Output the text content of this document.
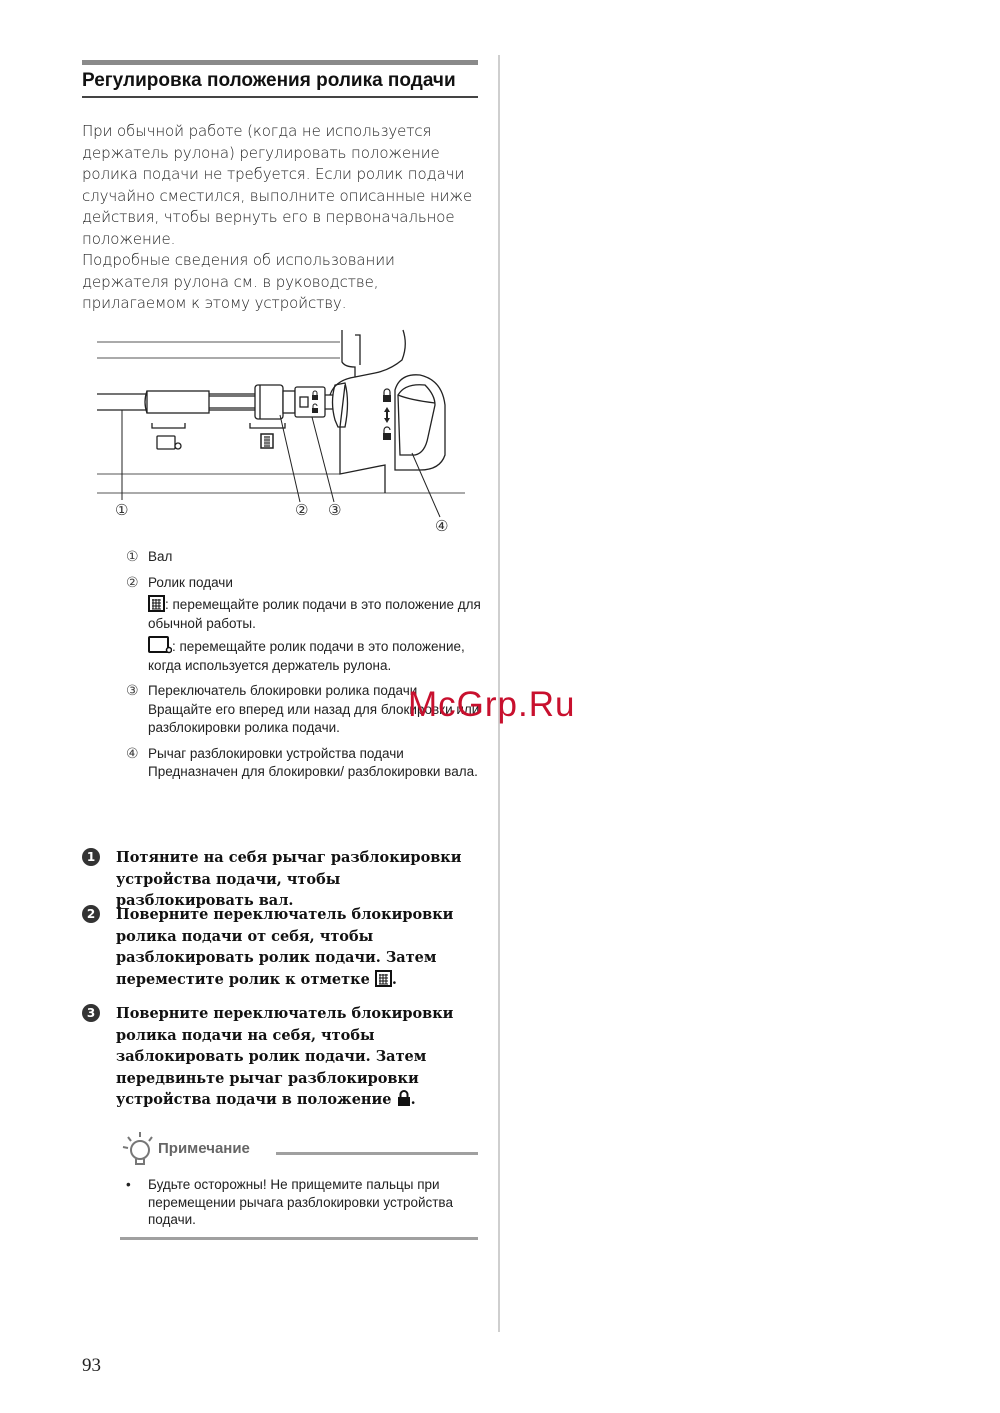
Регулировка положения ролика подачи

При обычной работе (когда не используется держатель рулона) регулировать положение ролика подачи не требуется. Если ролик подачи случайно сместился, выполните описанные ниже действия, чтобы вернуть его в первоначальное положение.

Подробные сведения об использовании держателя рулона см. в руководстве, прилагаемом к этому устройству.

①	② ③
④
① Вал
② Ролик подачи
: перемещайте ролик подачи в это положение для обычной работы.
: перемещайте ролик подачи в это положение, когда используется держатель рулона.
③ Переключатель блокировки ролика подачи
Вращайте его вперед или назад для блокировки или разблокировки ролика подачи.
④ Рычаг разблокировки устройства подачи
Предназначен для блокировки/ разблокировки вала.
1	Потяните на себя рычаг разблокировки устройства подачи, чтобы разблокировать вал.
2	Поверните переключатель блокировки ролика подачи от себя, чтобы разблокировать ролик подачи. Затем переместите ролик к отметке .
3	Поверните переключатель блокировки ролика подачи на себя, чтобы заблокировать ролик подачи. Затем передвиньте рычаг разблокировки устройства подачи в положение .
Примечание
• Будьте осторожны! Не прищемите пальцы при перемещении рычага разблокировки устройства подачи.
McGrp.Ru
93
